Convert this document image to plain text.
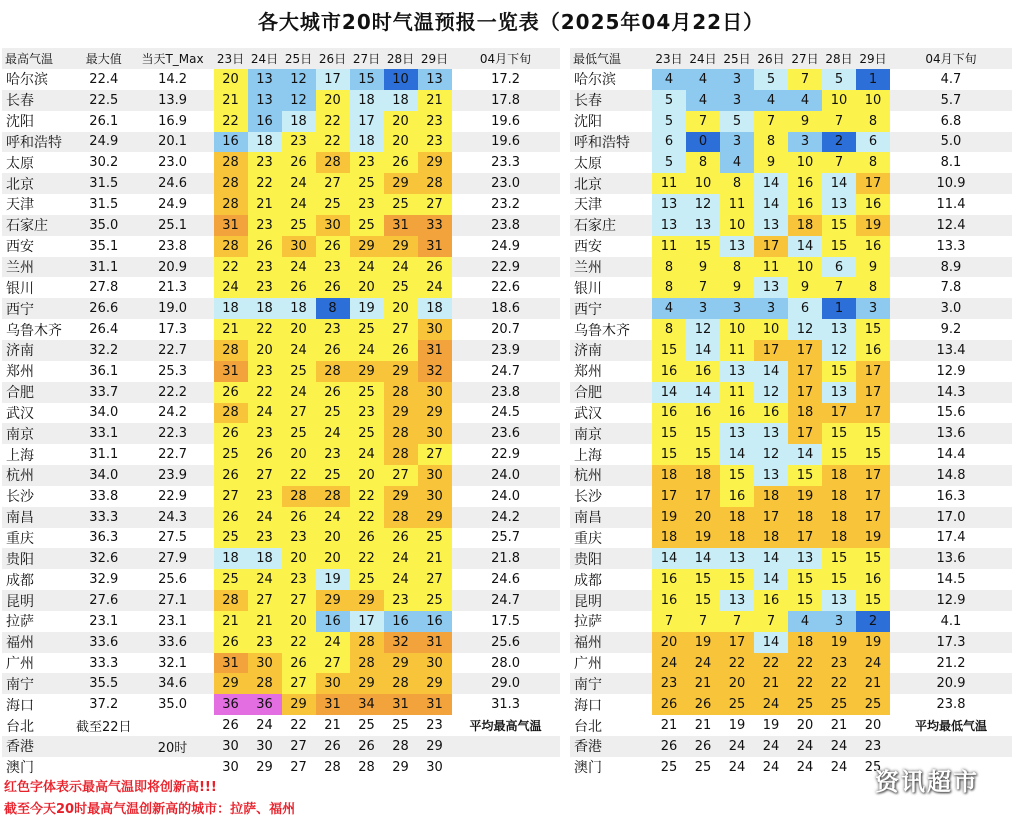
各大城市20时气温预报一览表（2025年04月22日）
最高气温	最大值	当天T_Max	23日	24日	25日	26日	27日	28日	29日	04月下旬
哈尔滨	22.4	14.2	20	13	12	17	15	10	13	17.2
长春	22.5	13.9	21	13	12	20	18	18	21	17.8
沈阳	26.1	16.9	22	16	18	22	17	20	23	19.6
呼和浩特	24.9	20.1	16	18	23	22	18	20	23	19.6
太原	30.2	23.0	28	23	26	28	23	26	29	23.3
北京	31.5	24.6	28	22	24	27	25	29	28	23.0
天津	31.5	24.9	28	21	24	25	23	25	27	23.2
石家庄	35.0	25.1	31	23	25	30	25	31	33	23.8
西安	35.1	23.8	28	26	30	26	29	29	31	24.9
兰州	31.1	20.9	22	23	24	23	24	24	26	22.9
银川	27.8	21.3	24	23	26	26	20	25	24	22.6
西宁	26.6	19.0	18	18	18	8	19	20	18	18.6
乌鲁木齐	26.4	17.3	21	22	20	23	25	27	30	20.7
济南	32.2	22.7	28	20	24	26	24	26	31	23.9
郑州	36.1	25.3	31	23	25	28	29	29	32	24.7
合肥	33.7	22.2	26	22	24	26	25	28	30	23.8
武汉	34.0	24.2	28	24	27	25	23	29	29	24.5
南京	33.1	22.3	26	23	25	24	25	28	30	23.6
上海	31.1	22.7	25	26	20	23	24	28	27	22.9
杭州	34.0	23.9	26	27	22	25	20	27	30	24.0
长沙	33.8	22.9	27	23	28	28	22	29	30	24.0
南昌	33.3	24.3	26	24	26	24	22	28	29	24.2
重庆	36.3	27.5	25	23	23	20	26	26	25	25.7
贵阳	32.6	27.9	18	18	20	20	22	24	21	21.8
成都	32.9	25.6	25	24	23	19	25	24	27	24.6
昆明	27.6	27.1	28	27	27	29	29	23	25	24.7
拉萨	23.1	23.1	21	21	20	16	17	16	16	17.5
福州	33.6	33.6	26	23	22	24	28	32	31	25.6
广州	33.3	32.1	31	30	26	27	28	29	30	28.0
南宁	35.5	34.6	29	28	27	30	29	28	29	29.0
海口	37.2	35.0	36	36	29	31	34	31	31	31.3
台北	截至22日		26	24	22	21	25	25	23	平均最高气温
香港		20时	30	30	27	26	26	28	29	
澳门			30	29	27	28	28	29	30	
最低气温	23日	24日	25日	26日	27日	28日	29日	04月下旬
哈尔滨	4	4	3	5	7	5	1	4.7
长春	5	4	3	4	4	10	10	5.7
沈阳	5	7	5	7	9	7	8	6.8
呼和浩特	6	0	3	8	3	2	6	5.0
太原	5	8	4	9	10	7	8	8.1
北京	11	10	8	14	16	14	17	10.9
天津	13	12	11	14	16	13	16	11.4
石家庄	13	13	10	13	18	15	19	12.4
西安	11	15	13	17	14	15	16	13.3
兰州	8	9	8	11	10	6	9	8.9
银川	8	7	9	13	9	7	8	7.8
西宁	4	3	3	3	6	1	3	3.0
乌鲁木齐	8	12	10	10	12	13	15	9.2
济南	15	14	11	17	17	12	16	13.4
郑州	16	16	13	14	17	15	17	12.9
合肥	14	14	11	12	17	13	17	14.3
武汉	16	16	16	16	18	17	17	15.6
南京	15	15	13	13	17	15	15	13.6
上海	15	15	14	12	14	15	15	14.4
杭州	18	18	15	13	15	18	17	14.8
长沙	17	17	16	18	19	18	17	16.3
南昌	19	20	18	17	18	18	17	17.0
重庆	18	19	18	18	17	18	19	17.4
贵阳	14	14	13	14	13	15	15	13.6
成都	16	15	15	14	15	15	16	14.5
昆明	16	15	13	16	15	13	15	12.9
拉萨	7	7	7	7	4	3	2	4.1
福州	20	19	17	14	18	19	19	17.3
广州	24	24	22	22	22	23	24	21.2
南宁	23	21	20	21	22	22	21	20.9
海口	26	26	25	24	25	25	25	23.8
台北	21	21	19	19	20	21	20	平均最低气温
香港	26	26	24	24	24	24	23	
澳门	25	25	24	24	24	24	25	
红色字体表示最高气温即将创新高!!!
截至今天20时最高气温创新高的城市：拉萨、福州
资讯超市
